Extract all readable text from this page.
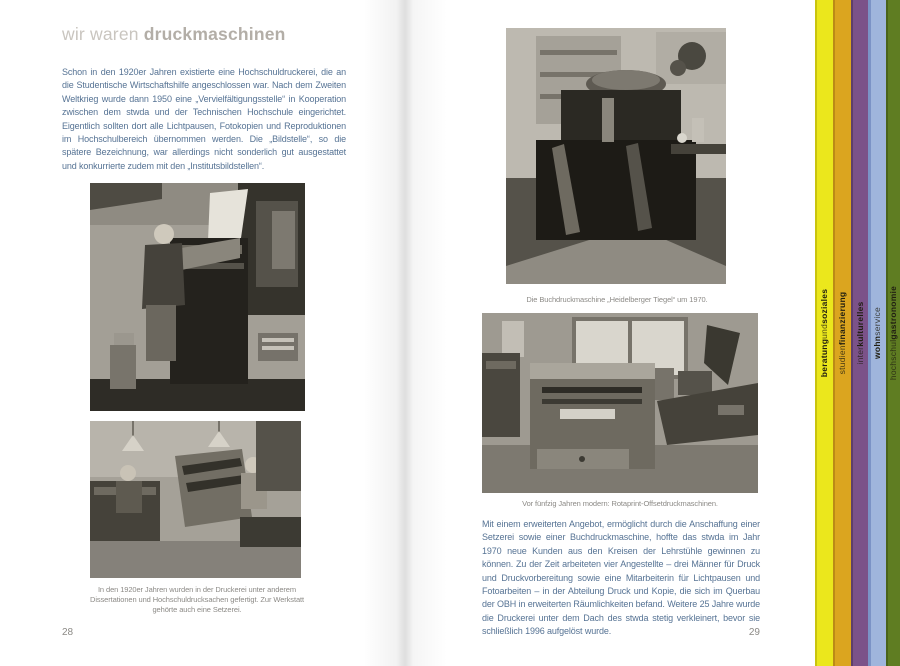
wir waren druckmaschinen
Schon in den 1920er Jahren existierte eine Hochschuldruckerei, die an die Studentische Wirtschaftshilfe angeschlossen war. Nach dem Zweiten Weltkrieg wurde dann 1950 eine „Vervielfältigungsstelle“ in Kooperation zwischen dem stwda und der Technischen Hochschule eingerichtet. Eigentlich sollten dort alle Lichtpausen, Fotokopien und Reproduktionen im Hochschulbereich übernommen werden. Die „Bildstelle“, so die spätere Bezeichnung, war allerdings nicht sonderlich gut ausgestattet und konkurrierte zudem mit den „Institutsbildstellen“.
In den 1920er Jahren wurden in der Druckerei unter anderem Dissertationen und Hochschuldrucksachen gefertigt. Zur Werkstatt gehörte auch eine Setzerei.
28
Die Buchdruckmaschine „Heidelberger Tiegel“ um 1970.
Vor fünfzig Jahren modern: Rotaprint-Offsetdruckmaschinen.
Mit einem erweiterten Angebot, ermöglicht durch die Anschaffung einer Setzerei sowie einer Buchdruckmaschine, hoffte das stwda im Jahr 1970 neue Kunden aus den Kreisen der Lehrstühle gewinnen zu können. Zu der Zeit arbeiteten vier Angestellte – drei Männer für Druck und Druckvorbereitung sowie eine Mitarbeiterin für Lichtpausen und Fotoarbeiten – in der Abteilung Druck und Kopie, die sich im Querbau der OBH in erweiterten Räumlichkeiten befand. Weitere 25 Jahre wurde die Druckerei unter dem Dach des stwda stetig verkleinert, bevor sie schließlich 1996 aufgelöst wurde.	29
beratungundsoziales
studienfinanzierung
interkulturelles
wohnservice
hochschulgastronomie
